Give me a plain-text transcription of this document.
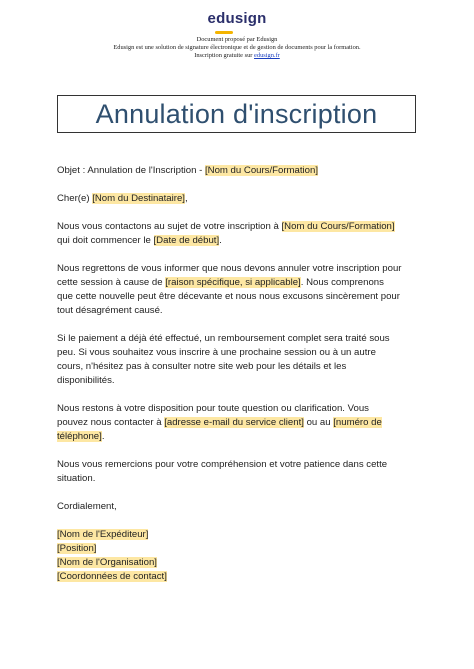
edusign
Document proposé par Edusign
Edusign est une solution de signature électronique et de gestion de documents pour la formation.
Inscription gratuite sur edusign.fr
Annulation d'inscription

Objet : Annulation de l'Inscription - [Nom du Cours/Formation]

Cher(e) [Nom du Destinataire],

Nous vous contactons au sujet de votre inscription à [Nom du Cours/Formation] qui doit commencer le [Date de début].

Nous regrettons de vous informer que nous devons annuler votre inscription pour cette session à cause de [raison spécifique, si applicable]. Nous comprenons que cette nouvelle peut être décevante et nous nous excusons sincèrement pour tout désagrément causé.

Si le paiement a déjà été effectué, un remboursement complet sera traité sous peu. Si vous souhaitez vous inscrire à une prochaine session ou à un autre cours, n'hésitez pas à consulter notre site web pour les détails et les disponibilités.

Nous restons à votre disposition pour toute question ou clarification. Vous pouvez nous contacter à [adresse e-mail du service client] ou au [numéro de téléphone].

Nous vous remercions pour votre compréhension et votre patience dans cette situation.

Cordialement,

[Nom de l'Expéditeur]

[Position]

[Nom de l'Organisation]

[Coordonnées de contact]
